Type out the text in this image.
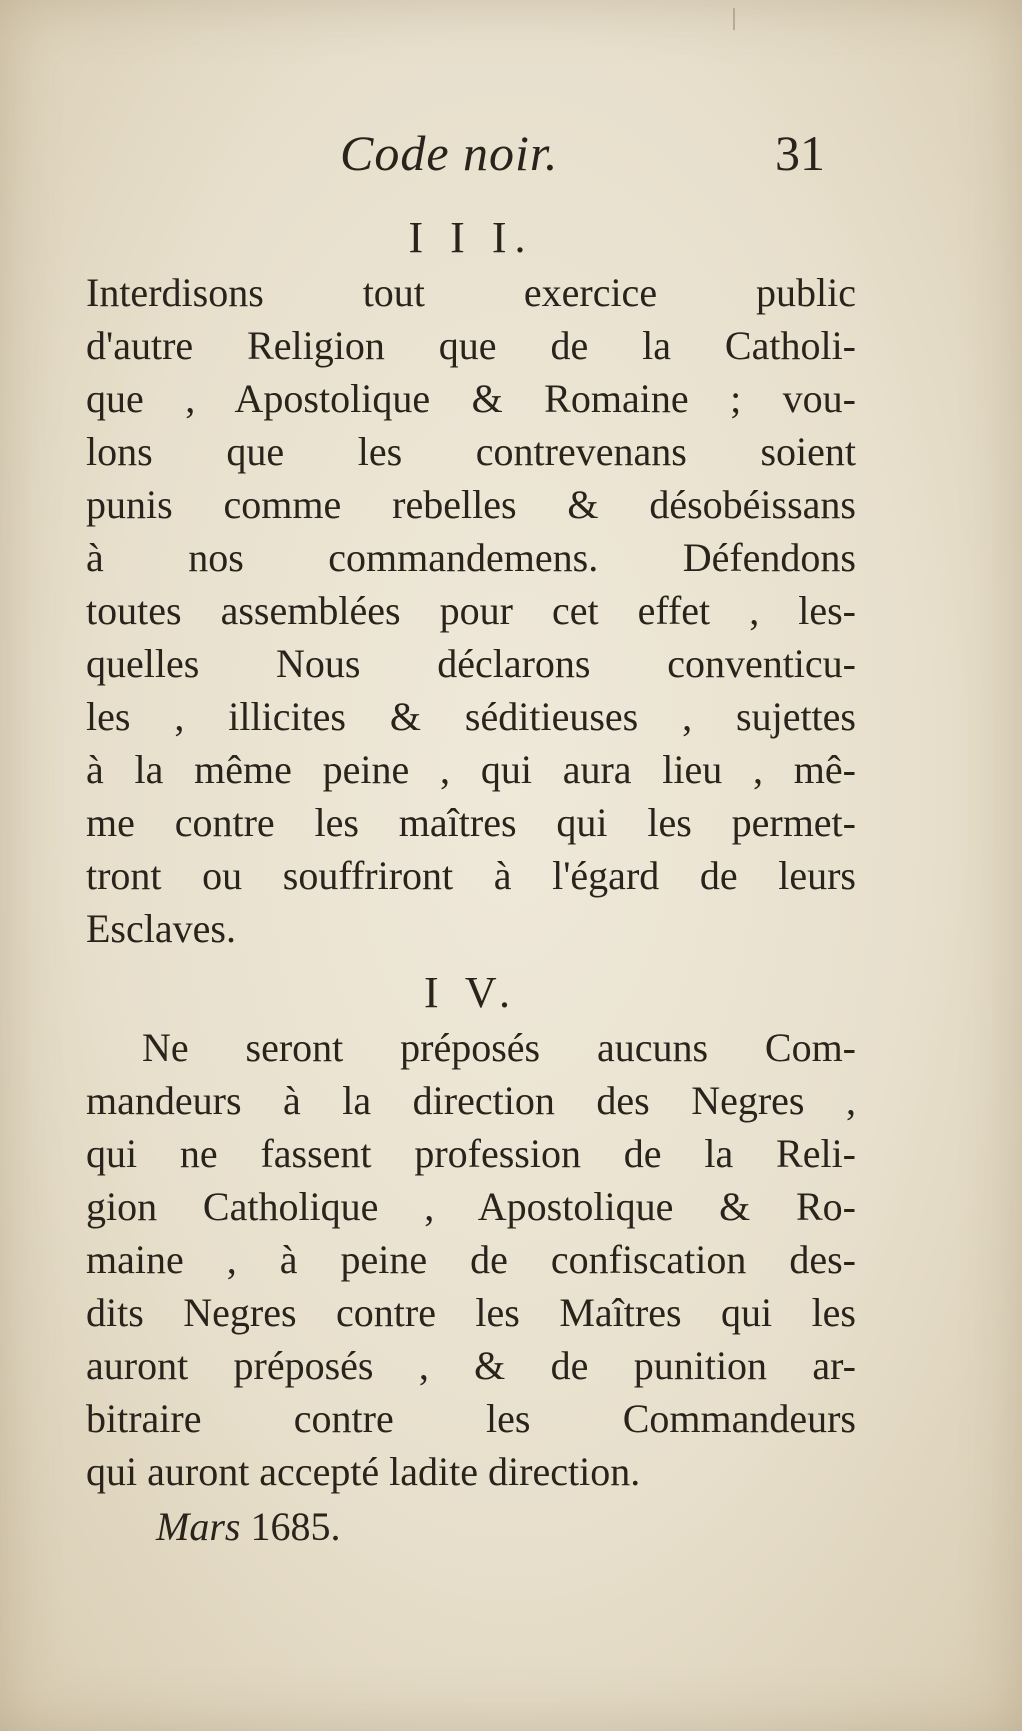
Code noir.	31

I I I.

Interdisons tout exercice public
d'autre Religion que de la Catholi-
que , Apostolique & Romaine ; vou-
lons que les contrevenans soient
punis comme rebelles & désobéissans
à nos commandemens. Défendons
toutes assemblées pour cet effet , les-
quelles Nous déclarons conventicu-
les , illicites & séditieuses , sujettes
à la même peine , qui aura lieu , mê-
me contre les maîtres qui les permet-
tront ou souffriront à l'égard de leurs
Esclaves.

I V.

Ne seront préposés aucuns Com-
mandeurs à la direction des Negres ,
qui ne fassent profession de la Reli-
gion Catholique , Apostolique & Ro-
maine , à peine de confiscation des-
dits Negres contre les Maîtres qui les
auront préposés , & de punition ar-
bitraire contre les Commandeurs
qui auront accepté ladite direction.

Mars 1685.
